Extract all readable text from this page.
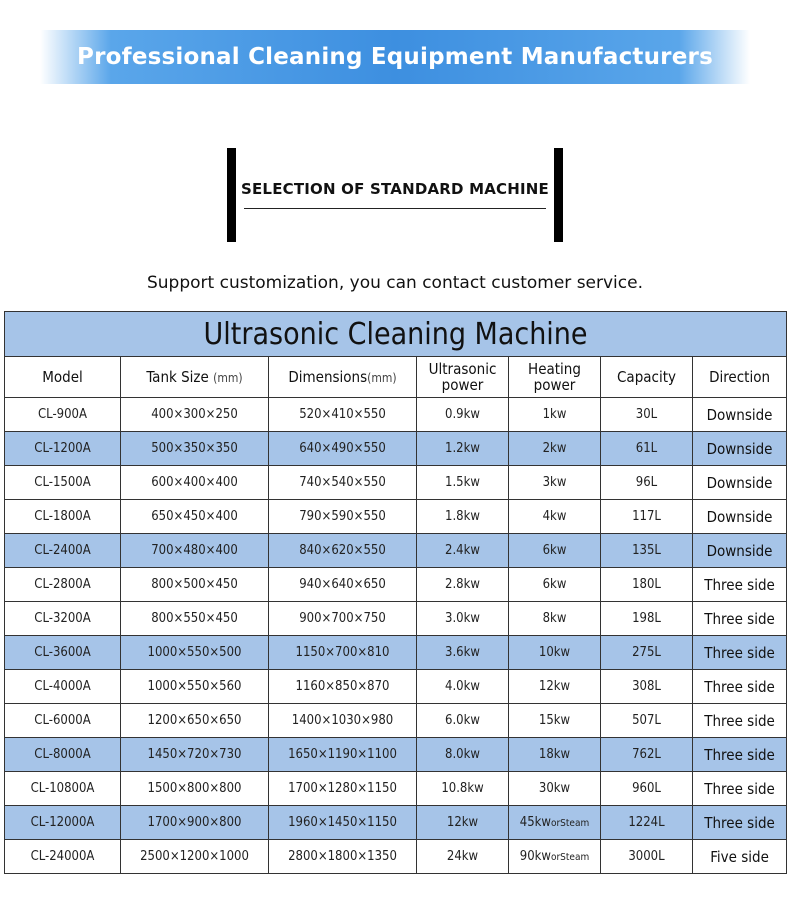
Professional Cleaning Equipment Manufacturers
SELECTION OF STANDARD MACHINE
Support customization, you can contact customer service.
Ultrasonic Cleaning Machine						
Model	Tank Size (mm)	Dimensions(mm)	Ultrasonic power	Heating power	Capacity	Direction
CL-900A	400×300×250	520×410×550	0.9kw	1kw	30L	Downside
CL-1200A	500×350×350	640×490×550	1.2kw	2kw	61L	Downside
CL-1500A	600×400×400	740×540×550	1.5kw	3kw	96L	Downside
CL-1800A	650×450×400	790×590×550	1.8kw	4kw	117L	Downside
CL-2400A	700×480×400	840×620×550	2.4kw	6kw	135L	Downside
CL-2800A	800×500×450	940×640×650	2.8kw	6kw	180L	Three side
CL-3200A	800×550×450	900×700×750	3.0kw	8kw	198L	Three side
CL-3600A	1000×550×500	1150×700×810	3.6kw	10kw	275L	Three side
CL-4000A	1000×550×560	1160×850×870	4.0kw	12kw	308L	Three side
CL-6000A	1200×650×650	1400×1030×980	6.0kw	15kw	507L	Three side
CL-8000A	1450×720×730	1650×1190×1100	8.0kw	18kw	762L	Three side
CL-10800A	1500×800×800	1700×1280×1150	10.8kw	30kw	960L	Three side
CL-12000A	1700×900×800	1960×1450×1150	12kw	45kworSteam	1224L	Three side
CL-24000A	2500×1200×1000	2800×1800×1350	24kw	90kworSteam	3000L	Five side
